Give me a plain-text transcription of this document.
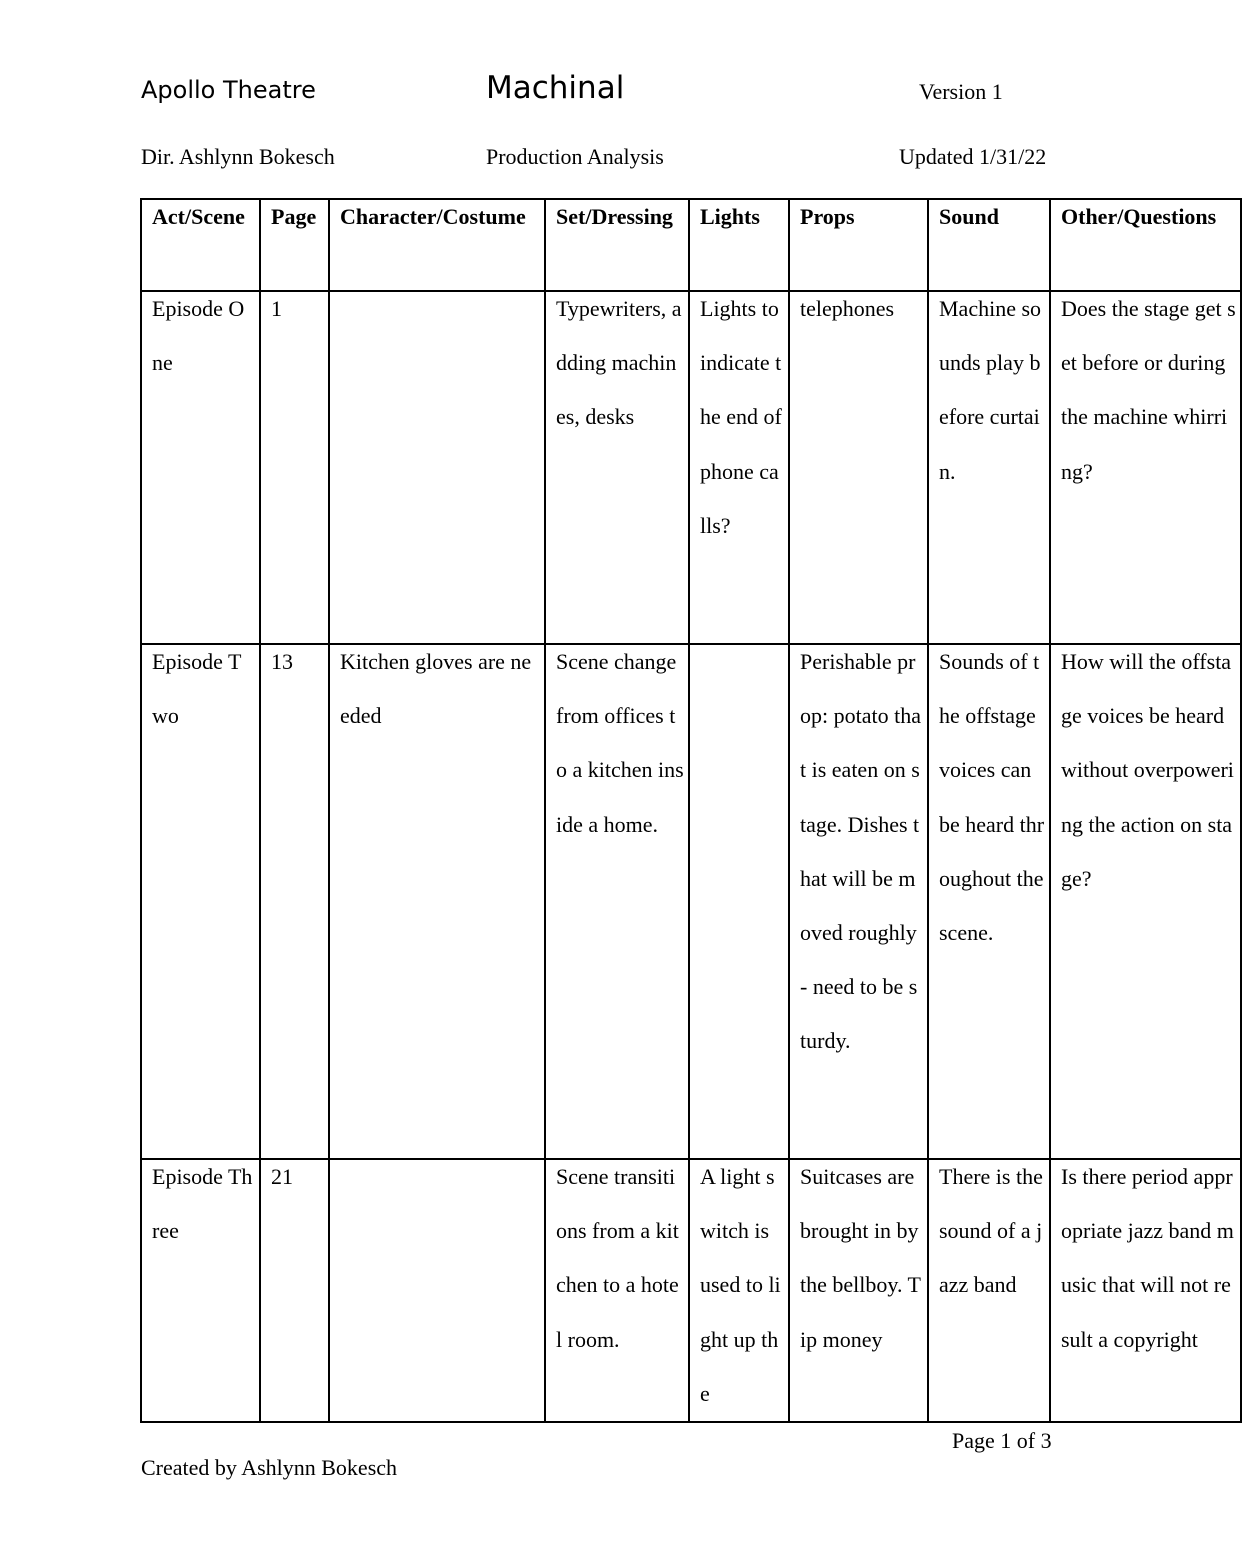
Apollo Theatre	Machinal	Version 1
Dir. Ashlynn Bokesch	Production Analysis	Updated 1/31/22
Act/Scene	Page	Character/Costume	Set/Dressing	Lights	Props	Sound	Other/Questions

Episode One	1		Typewriters, adding machines, desks	Lights to indicate the end of phone calls?	telephones	Machine sounds play before curtain.	Does the stage get set before or during the machine whirring?

Episode Two	13	Kitchen gloves are needed	Scene change from offices to a kitchen inside a home.		Perishable prop: potato that is eaten on stage. Dishes that will be moved roughly- need to be sturdy.	Sounds of the offstage voices can be heard throughout the scene.	How will the offstage voices be heard without overpowering the action on stage?

Episode Three	21		Scene transitions from a kitchen to a hotel room.	A light switch is used to light up the	Suitcases are brought in by the bellboy. Tip money	There is the sound of a jazz band	Is there period appropriate jazz band music that will not result a copyright
Page 1 of 3
Created by Ashlynn Bokesch
